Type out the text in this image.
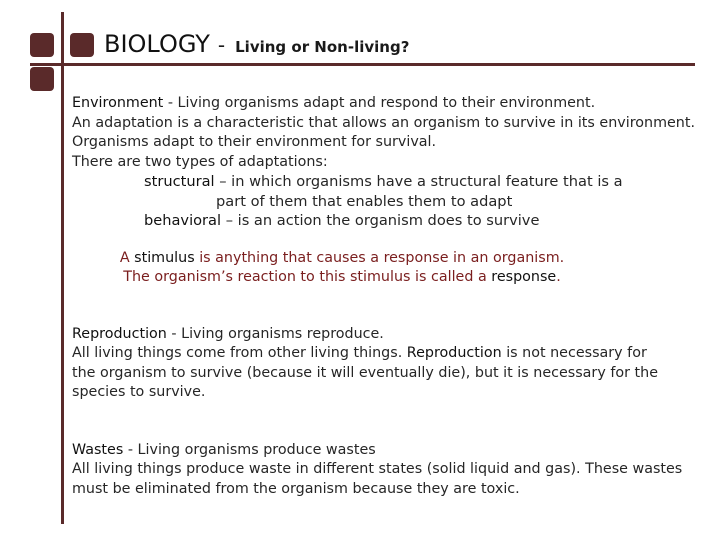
BIOLOGY - Living or Non-living?

Environment - Living organisms adapt and respond to their environment.

An adaptation is a characteristic that allows an organism to survive in its environment.

Organisms adapt to their environment for survival.

There are two types of adaptations:

structural – in which organisms have a structural feature that is a

part of them that enables them to adapt

behavioral – is an action the organism does to survive

A stimulus is anything that causes a response in an organism.

The organism’s reaction to this stimulus is called a response.

Reproduction - Living organisms reproduce.

All living things come from other living things. Reproduction is not necessary for

the organism to survive (because it will eventually die), but it is necessary for the

species to survive.

Wastes - Living organisms produce wastes

All living things produce waste in different states (solid liquid and gas). These wastes

must be eliminated from the organism because they are toxic.
